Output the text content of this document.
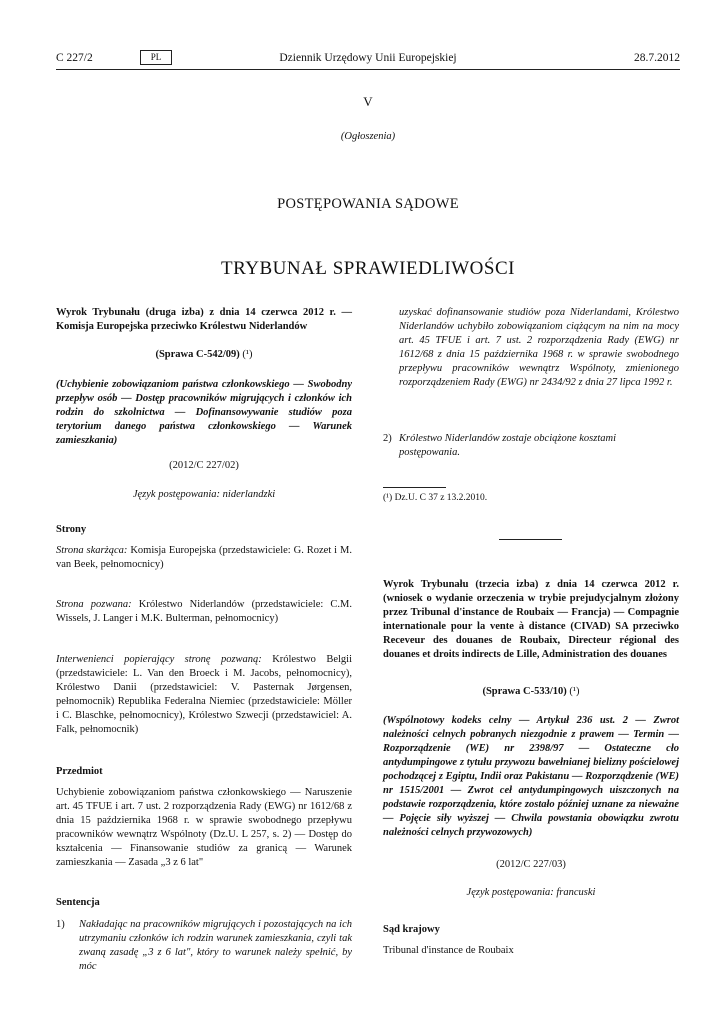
C 227/2	PL	Dziennik Urzędowy Unii Europejskiej	28.7.2012
V
(Ogłoszenia)
POSTĘPOWANIA SĄDOWE
TRYBUNAŁ SPRAWIEDLIWOŚCI
Wyrok Trybunału (druga izba) z dnia 14 czerwca 2012 r. — Komisja Europejska przeciwko Królestwu Niderlandów
(Sprawa C-542/09) (¹)
(Uchybienie zobowiązaniom państwa członkowskiego — Swobodny przepływ osób — Dostęp pracowników migrujących i członków ich rodzin do szkolnictwa — Dofinansowywanie studiów poza terytorium danego państwa członkowskiego — Warunek zamieszkania)
(2012/C 227/02)
Język postępowania: niderlandzki
Strony
Strona skarżąca: Komisja Europejska (przedstawiciele: G. Rozet i M. van Beek, pełnomocnicy)
Strona pozwana: Królestwo Niderlandów (przedstawiciele: C.M. Wissels, J. Langer i M.K. Bulterman, pełnomocnicy)
Interwenienci popierający stronę pozwaną: Królestwo Belgii (przedstawiciele: L. Van den Broeck i M. Jacobs, pełnomocnicy), Królestwo Danii (przedstawiciel: V. Pasternak Jørgensen, pełnomocnik) Republika Federalna Niemiec (przedstawiciele: Möller i C. Blaschke, pełnomocnicy), Królestwo Szwecji (przedstawiciel: A. Falk, pełnomocnik)
Przedmiot
Uchybienie zobowiązaniom państwa członkowskiego — Naruszenie art. 45 TFUE i art. 7 ust. 2 rozporządzenia Rady (EWG) nr 1612/68 z dnia 15 października 1968 r. w sprawie swobodnego przepływu pracowników wewnątrz Wspólnoty (Dz.U. L 257, s. 2) — Dostęp do kształcenia — Finansowanie studiów za granicą — Warunek zamieszkania — Zasada „3 z 6 lat"
Sentencja
1)	Nakładając na pracowników migrujących i pozostających na ich utrzymaniu członków ich rodzin warunek zamieszkania, czyli tak zwaną zasadę „3 z 6 lat", który to warunek należy spełnić, by móc
uzyskać dofinansowanie studiów poza Niderlandami, Królestwo Niderlandów uchybiło zobowiązaniom ciążącym na nim na mocy art. 45 TFUE i art. 7 ust. 2 rozporządzenia Rady (EWG) nr 1612/68 z dnia 15 października 1968 r. w sprawie swobodnego przepływu pracowników wewnątrz Wspólnoty, zmienionego rozporządzeniem Rady (EWG) nr 2434/92 z dnia 27 lipca 1992 r.
2) Królestwo Niderlandów zostaje obciążone kosztami postępowania.
(¹) Dz.U. C 37 z 13.2.2010.
Wyrok Trybunału (trzecia izba) z dnia 14 czerwca 2012 r. (wniosek o wydanie orzeczenia w trybie prejudycjalnym złożony przez Tribunal d'instance de Roubaix — Francja) — Compagnie internationale pour la vente à distance (CIVAD) SA przeciwko Receveur des douanes de Roubaix, Directeur régional des douanes et droits indirects de Lille, Administration des douanes
(Sprawa C-533/10) (¹)
(Wspólnotowy kodeks celny — Artykuł 236 ust. 2 — Zwrot należności celnych pobranych niezgodnie z prawem — Termin — Rozporządzenie (WE) nr 2398/97 — Ostateczne cło antydumpingowe z tytułu przywozu bawełnianej bielizny pościelowej pochodzącej z Egiptu, Indii oraz Pakistanu — Rozporządzenie (WE) nr 1515/2001 — Zwrot ceł antydumpingowych uiszczonych na podstawie rozporządzenia, które zostało później uznane za nieważne — Pojęcie siły wyższej — Chwila powstania obowiązku zwrotu należności celnych przywozowych)
(2012/C 227/03)
Język postępowania: francuski
Sąd krajowy
Tribunal d'instance de Roubaix
